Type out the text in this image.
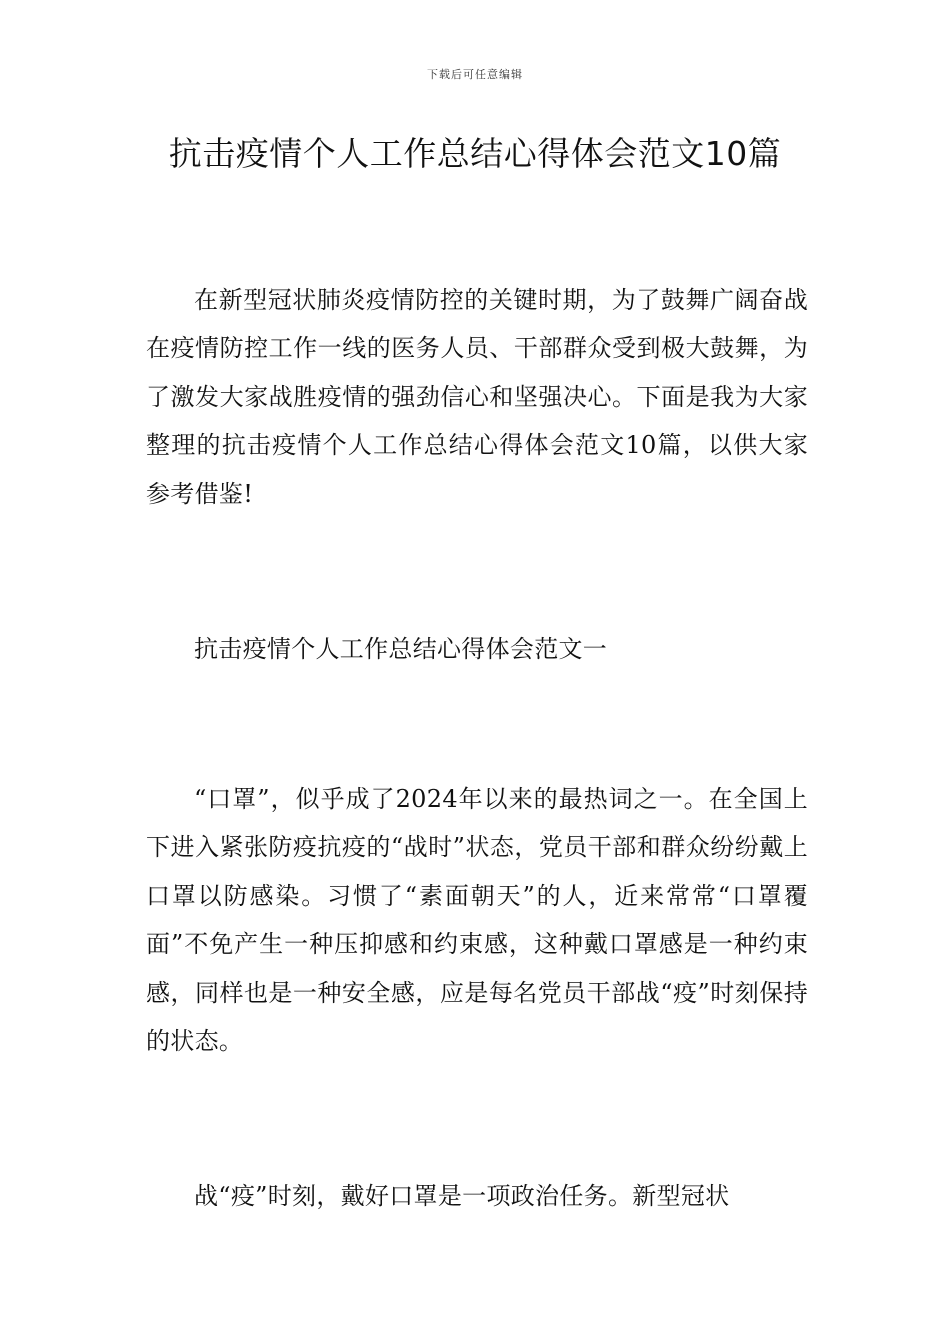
下载后可任意编辑
抗击疫情个人工作总结心得体会范文10篇

在新型冠状肺炎疫情防控的关键时期，为了鼓舞广阔奋战在疫情防控工作一线的医务人员、干部群众受到极大鼓舞，为了激发大家战胜疫情的强劲信心和坚强决心。下面是我为大家整理的抗击疫情个人工作总结心得体会范文10篇，以供大家参考借鉴!

抗击疫情个人工作总结心得体会范文一

“口罩”，似乎成了2024年以来的最热词之一。在全国上下进入紧张防疫抗疫的“战时”状态，党员干部和群众纷纷戴上口罩以防感染。习惯了“素面朝天”的人，近来常常“口罩覆面”不免产生一种压抑感和约束感，这种戴口罩感是一种约束感，同样也是一种安全感，应是每名党员干部战“疫”时刻保持的状态。

战“疫”时刻，戴好口罩是一项政治任务。新型冠状
